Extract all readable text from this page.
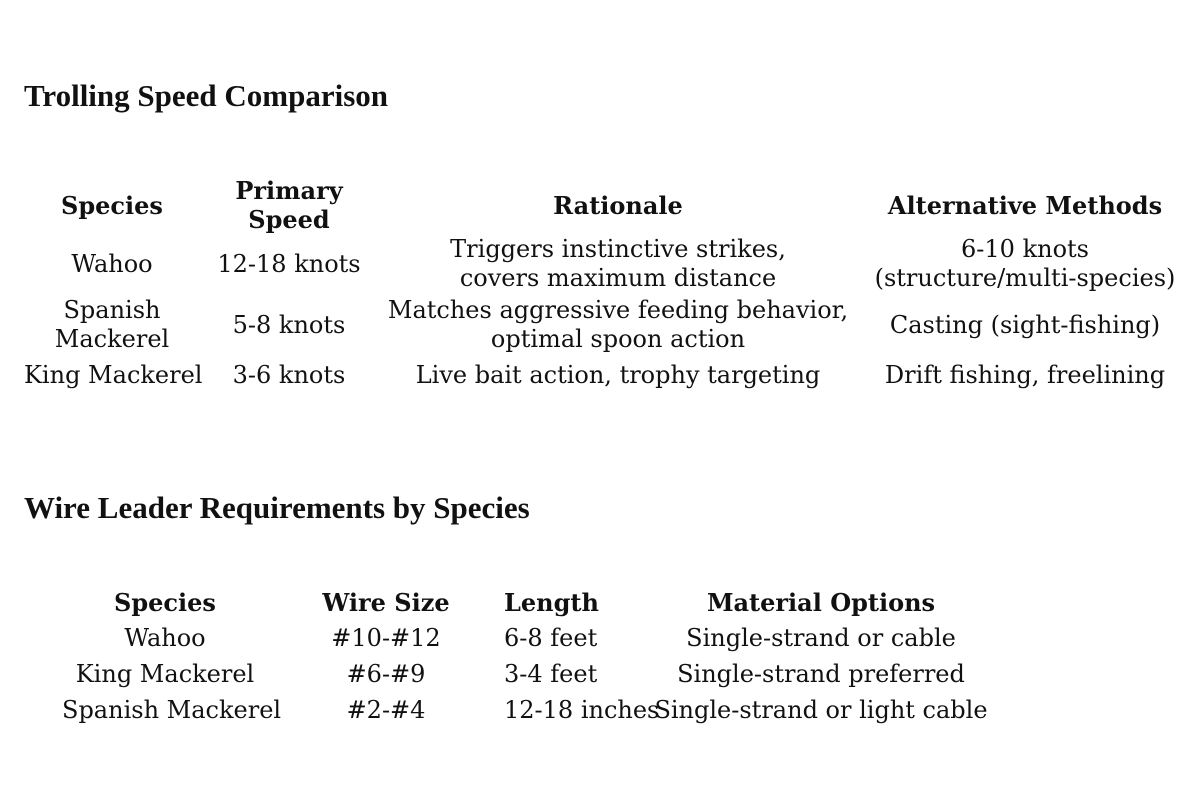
Trolling Speed Comparison
Species	Primary Speed	Rationale	Alternative Methods
Wahoo	12-18 knots	Triggers instinctive strikes, covers maximum distance	6-10 knots (structure/multi-species)
Spanish Mackerel	5-8 knots	Matches aggressive feeding behavior, optimal spoon action	Casting (sight-fishing)
King Mackerel	3-6 knots	Live bait action, trophy targeting	Drift fishing, freelining
Wire Leader Requirements by Species
Species	Wire Size	Length	Material Options
Wahoo	#10-#12	6-8 feet	Single-strand or cable
King Mackerel	#6-#9	3-4 feet	Single-strand preferred
Spanish Mackerel	#2-#4	12-18 inches	Single-strand or light cable
